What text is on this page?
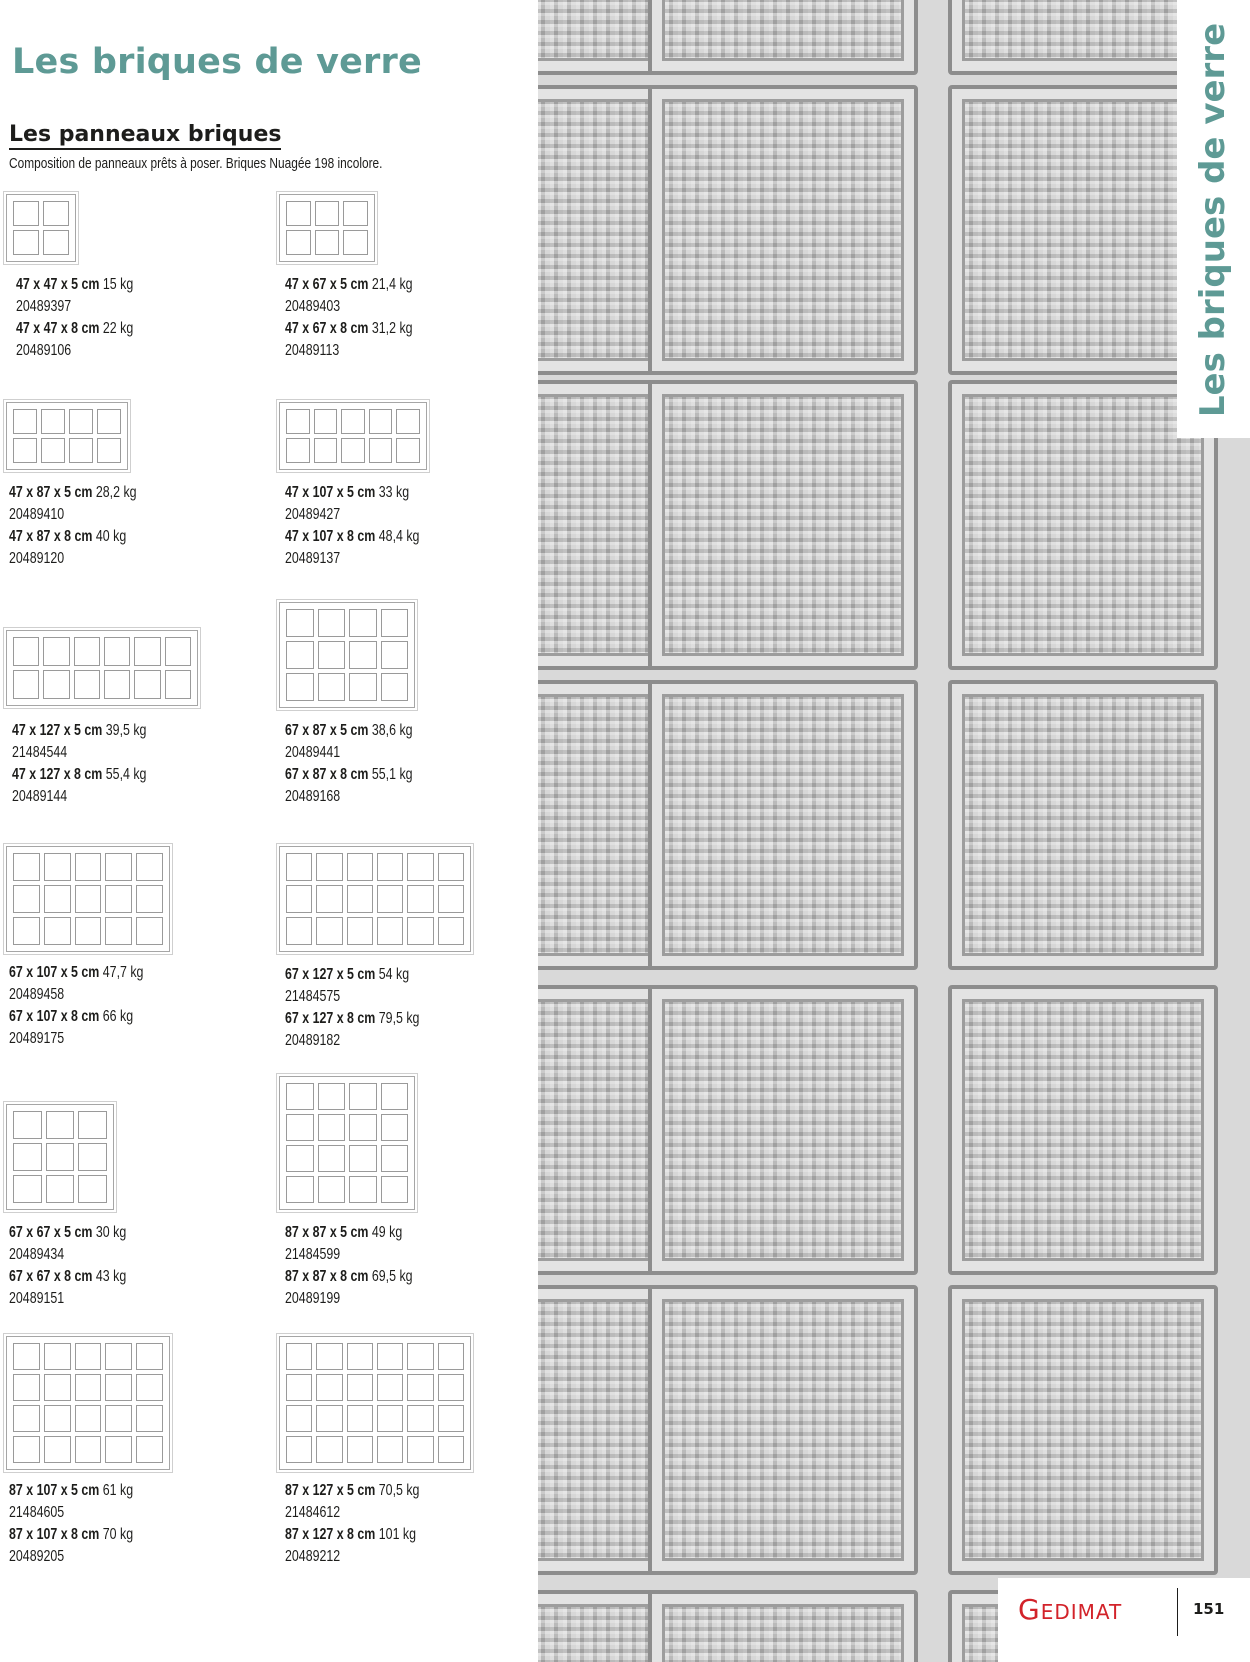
Les briques de verre
Les panneaux briques

Composition de panneaux prêts à poser. Briques Nuagée 198 incolore.

47 x 47 x 5 cm 15 kg
20489397
47 x 47 x 8 cm 22 kg
20489106
47 x 67 x 5 cm 21,4 kg
20489403
47 x 67 x 8 cm 31,2 kg
20489113
47 x 87 x 5 cm 28,2 kg
20489410
47 x 87 x 8 cm 40 kg
20489120
47 x 107 x 5 cm 33 kg
20489427
47 x 107 x 8 cm 48,4 kg
20489137
47 x 127 x 5 cm 39,5 kg
21484544
47 x 127 x 8 cm 55,4 kg
20489144
67 x 87 x 5 cm 38,6 kg
20489441
67 x 87 x 8 cm 55,1 kg
20489168
67 x 107 x 5 cm 47,7 kg
20489458
67 x 107 x 8 cm 66 kg
20489175
67 x 127 x 5 cm 54 kg
21484575
67 x 127 x 8 cm 79,5 kg
20489182
67 x 67 x 5 cm 30 kg
20489434
67 x 67 x 8 cm 43 kg
20489151
87 x 87 x 5 cm 49 kg
21484599
87 x 87 x 8 cm 69,5 kg
20489199
87 x 107 x 5 cm 61 kg
21484605
87 x 107 x 8 cm 70 kg
20489205
87 x 127 x 5 cm 70,5 kg
21484612
87 x 127 x 8 cm 101 kg
20489212
Les briques de verre
Gedimat	151
